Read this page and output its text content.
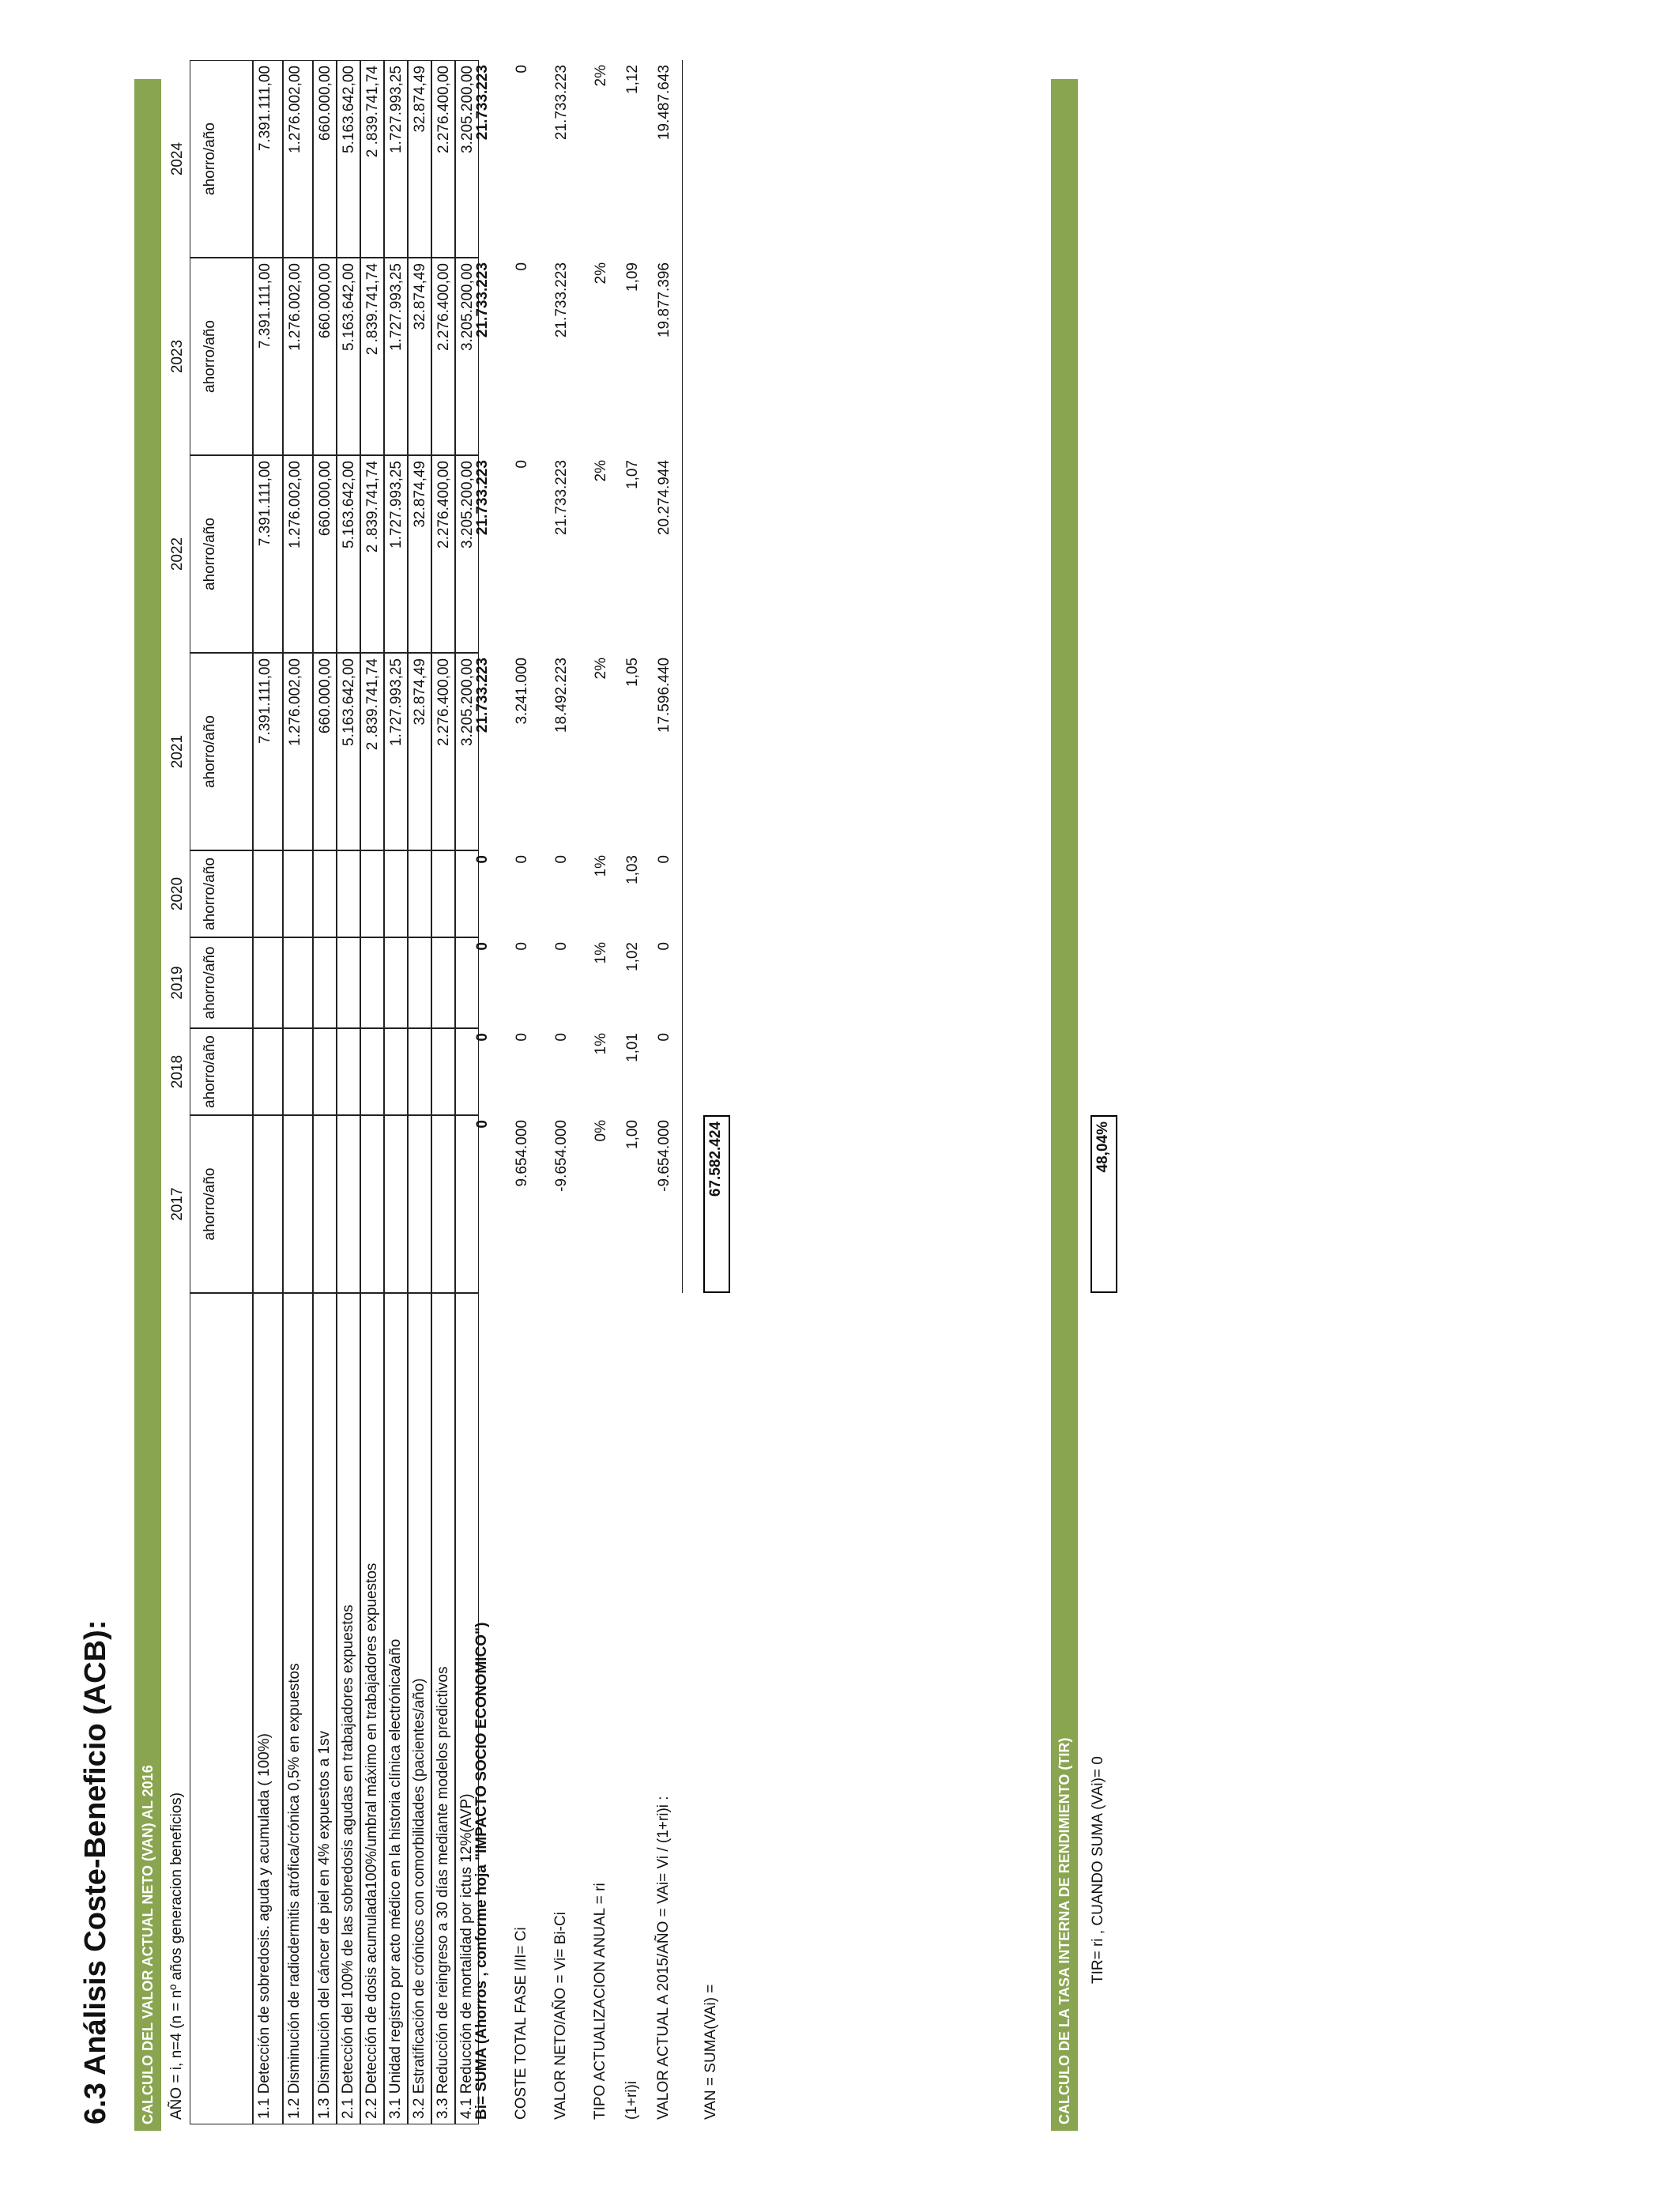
6.3 Análisis Coste-Beneficio (ACB): CALCULO DEL VALOR ACTUAL NETO (VAN) AL 2016	CALCULO DE LA TASA INTERNA DE RENDIMIENTO (TIR)
AÑO = i, n=4 (n = nº años generacion beneficios)
2017
2018
2019
2020
2021
2022
2023
2024
ahorro/año
ahorro/año
ahorro/año
ahorro/año
ahorro/año
ahorro/año
ahorro/año
ahorro/año
1.1 Detección de sobredosis. aguda y acumulada ( 100%)
7.391.111,00
7.391.111,00
7.391.111,00
7.391.111,00
1.2 Disminución de radiodermitis atrófica/crónica 0,5% en expuestos
1.276.002,00
1.276.002,00
1.276.002,00
1.276.002,00
1.3 Disminución del cáncer de piel en 4% expuestos a 1sv
660.000,00
660.000,00
660.000,00
660.000,00
2.1 Detección del 100% de las sobredosis agudas en trabajadores expuestos
5.163.642,00
5.163.642,00
5.163.642,00
5.163.642,00
2.2 Detección de dosis acumulada100%/umbral máximo en trabajadores expuestos
2 .839.741,74
2 .839.741,74
2 .839.741,74
2 .839.741,74
3.1 Unidad registro por acto médico en la historia clínica electrónica/año
1.727.993,25
1.727.993,25
1.727.993,25
1.727.993,25
3.2 Estratificación de crónicos con comorbilidades (pacientes/año)
32.874,49
32.874,49
32.874,49
32.874,49
3.3 Reducción de reingreso a 30 días mediante modelos predictivos
2.276.400,00
2.276.400,00
2.276.400,00
2.276.400,00
4.1 Reducción de mortalidad por ictus 12%(AVP)
3.205.200,00
3.205.200,00
3.205.200,00
3.205.200,00
Bi= SUMA (Ahorros , conforme hoja "IMPACTO SOCIO ECONOMICO")
0
0
0
0
21.733.223
21.733.223
21.733.223
21.733.223
COSTE TOTAL FASE I/II= Ci
9.654.000
0
0
0
3.241.000
0
0
0
VALOR NETO/AÑO = Vi= Bi-Ci
-9.654.000
0
0
0
18.492.223
21.733.223
21.733.223
21.733.223
TIPO ACTUALIZACION ANUAL = ri
0%
1%
1%
1%
2%
2%
2%
2%
(1+ri)i
1,00
1,01
1,02
1,03
1,05
1,07
1,09
1,12
VALOR ACTUAL A 2015/AÑO = VAi= Vi / (1+ri)i :
-9.654.000
0
0
0
17.596.440
20.274.944
19.877.396
19.487.643
VAN = SUMA(VAi) =
67.582.424
TIR= ri , CUANDO SUMA (VAi)= 0
48,04%
